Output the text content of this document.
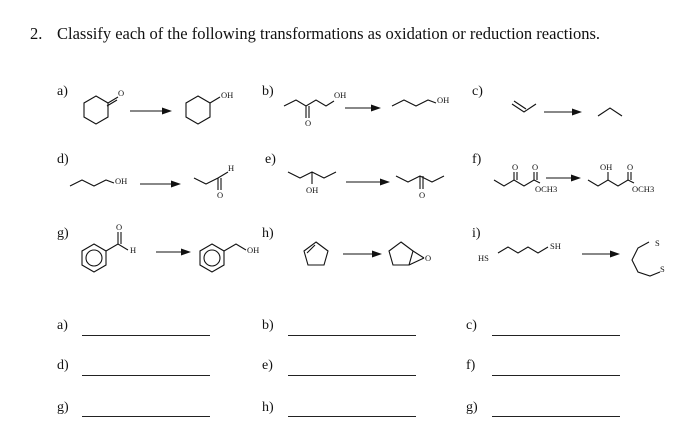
2. Classify each of the following transformations as oxidation or reduction reactions.
a)	b)	c)
d)	e)	f)
g)	h)	i)
O	OH	OH
O
OH
OH
H
O	OH	O
O O
OCH3
OH O
OCH3
O
H	OH
O	HS
SH	S
S
a)	b)	c)
d)	e)	f)
g)	h)	g)
